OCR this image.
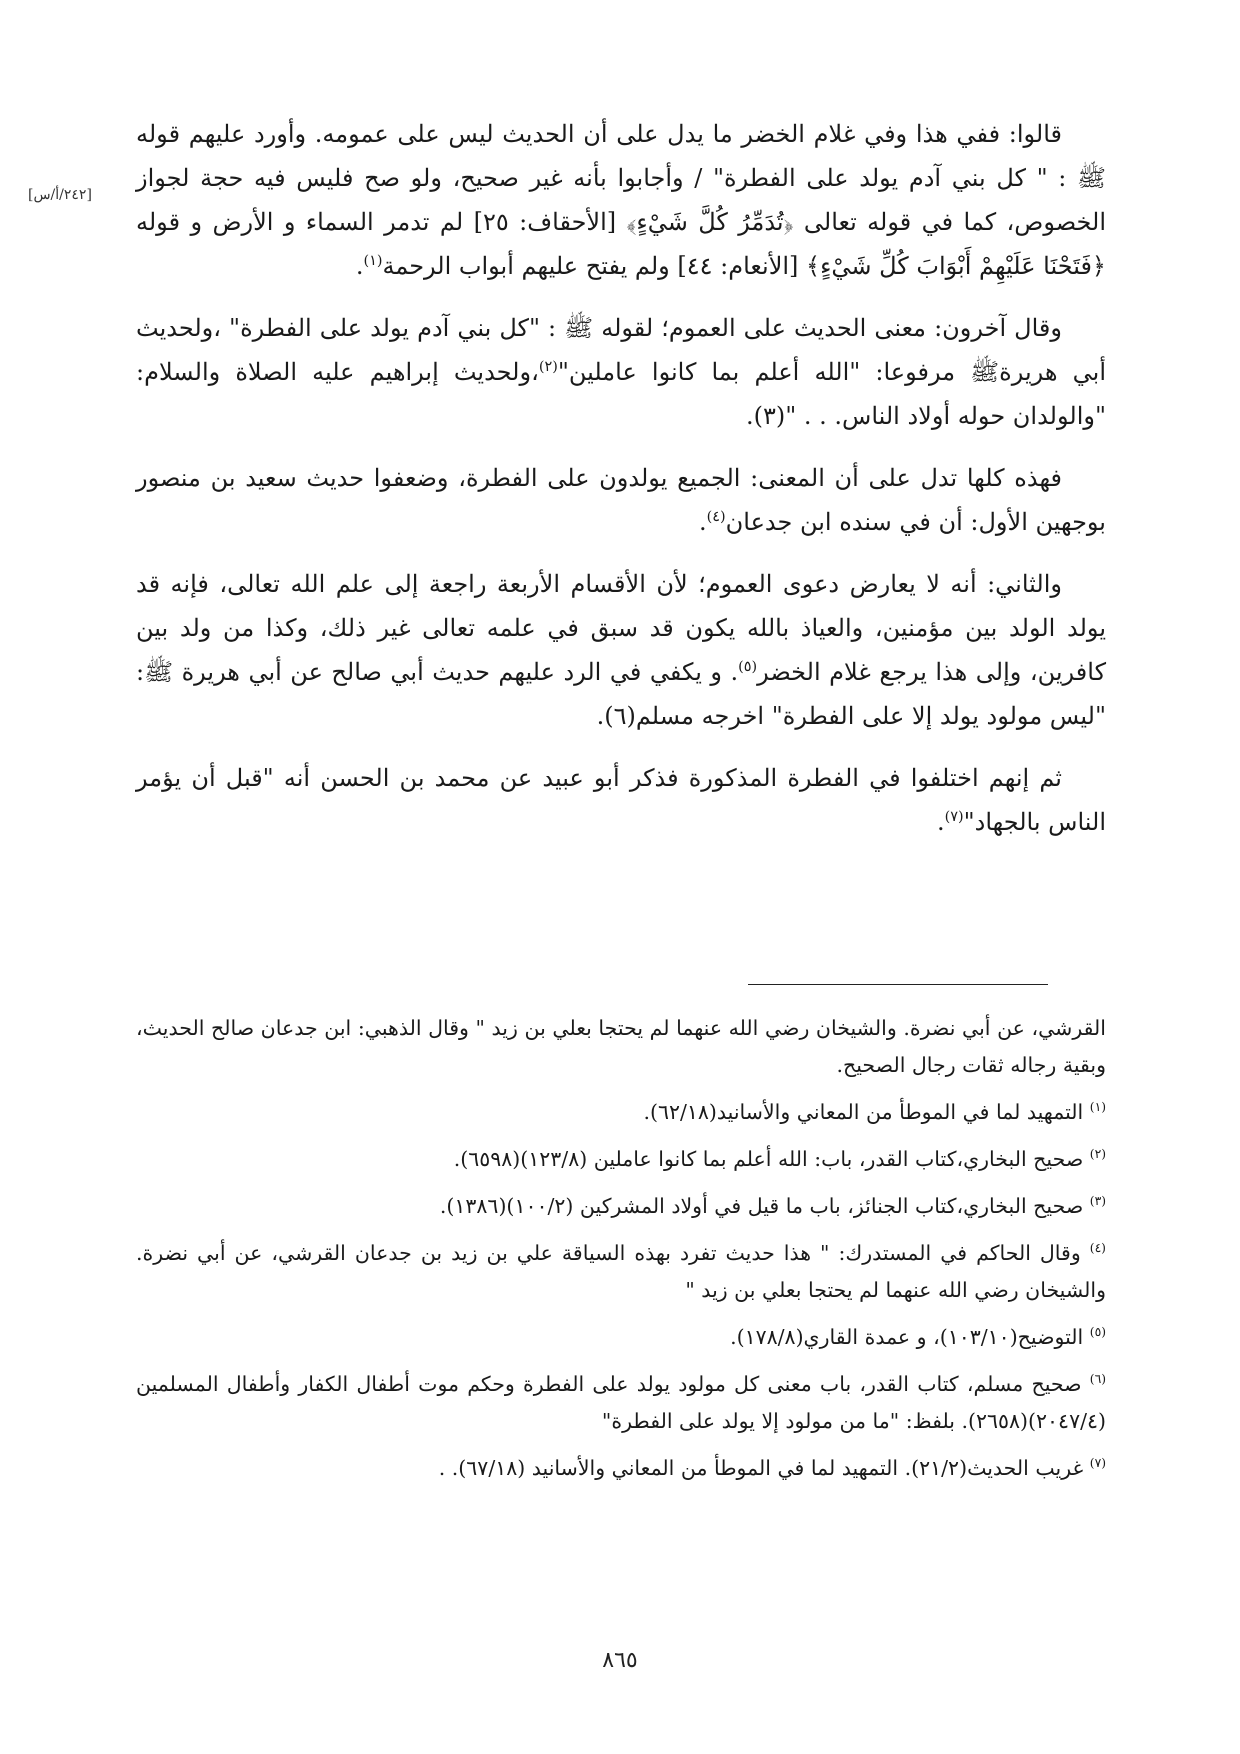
[٢٤٢/أ/س]

قالوا: ففي هذا وفي غلام الخضر ما يدل على أن الحديث ليس على عمومه. وأورد عليهم قوله ﷺ : " كل بني آدم يولد على الفطرة" / وأجابوا بأنه غير صحيح، ولو صح فليس فيه حجة لجواز الخصوص، كما في قوله تعالى ﴿تُدَمِّرُ كُلَّ شَيْءٍ﴾ [الأحقاف: ٢٥] لم تدمر السماء و الأرض و قوله ﴿فَتَحْنَا عَلَيْهِمْ أَبْوَابَ كُلِّ شَيْءٍ﴾ [الأنعام: ٤٤] ولم يفتح عليهم أبواب الرحمة$^{(١)}$.

وقال آخرون: معنى الحديث على العموم؛ لقوله ﷺ : "كل بني آدم يولد على الفطرة" ،ولحديث أبي هريرةﷺ مرفوعا: "الله أعلم بما كانوا عاملين"$^{(٢)}$،ولحديث إبراهيم عليه الصلاة والسلام: "والولدان حوله أولاد الناس. . . "(٣).

فهذه كلها تدل على أن المعنى: الجميع يولدون على الفطرة، وضعفوا حديث سعيد بن منصور بوجهين الأول: أن في سنده ابن جدعان$^{(٤)}$.

والثاني: أنه لا يعارض دعوى العموم؛ لأن الأقسام الأربعة راجعة إلى علم الله تعالى، فإنه قد يولد الولد بين مؤمنين، والعياذ بالله يكون قد سبق في علمه تعالى غير ذلك، وكذا من ولد بين كافرين، وإلى هذا يرجع غلام الخضر$^{(٥)}$. و يكفي في الرد عليهم حديث أبي صالح عن أبي هريرة ﷺ: "ليس مولود يولد إلا على الفطرة" اخرجه مسلم(٦).

ثم إنهم اختلفوا في الفطرة المذكورة فذكر أبو عبيد عن محمد بن الحسن أنه "قبل أن يؤمر الناس بالجهاد"$^{(٧)}$.

القرشي، عن أبي نضرة. والشيخان رضي الله عنهما لم يحتجا بعلي بن زيد " وقال الذهبي: ابن جدعان صالح الحديث، وبقية رجاله ثقات رجال الصحيح.
$^{(١)}$ التمهيد لما في الموطأ من المعاني والأسانيد(٦٢/١٨).
$^{(٢)}$ صحيح البخاري،كتاب القدر، باب: الله أعلم بما كانوا عاملين (١٢٣/٨)(٦٥٩٨).
$^{(٣)}$ صحيح البخاري،كتاب الجنائز، باب ما قيل في أولاد المشركين (١٠٠/٢)(١٣٨٦).
$^{(٤)}$ وقال الحاكم في المستدرك: " هذا حديث تفرد بهذه السياقة علي بن زيد بن جدعان القرشي، عن أبي نضرة. والشيخان رضي الله عنهما لم يحتجا بعلي بن زيد "
$^{(٥)}$ التوضيح(١٠٣/١٠)، و عمدة القاري(١٧٨/٨).
$^{(٦)}$ صحيح مسلم، كتاب القدر، باب معنى كل مولود يولد على الفطرة وحكم موت أطفال الكفار وأطفال المسلمين (٢٠٤٧/٤)(٢٦٥٨). بلفظ: "ما من مولود إلا يولد على الفطرة"
$^{(٧)}$ غريب الحديث(٢١/٢). التمهيد لما في الموطأ من المعاني والأسانيد (٦٧/١٨). .
٨٦٥
